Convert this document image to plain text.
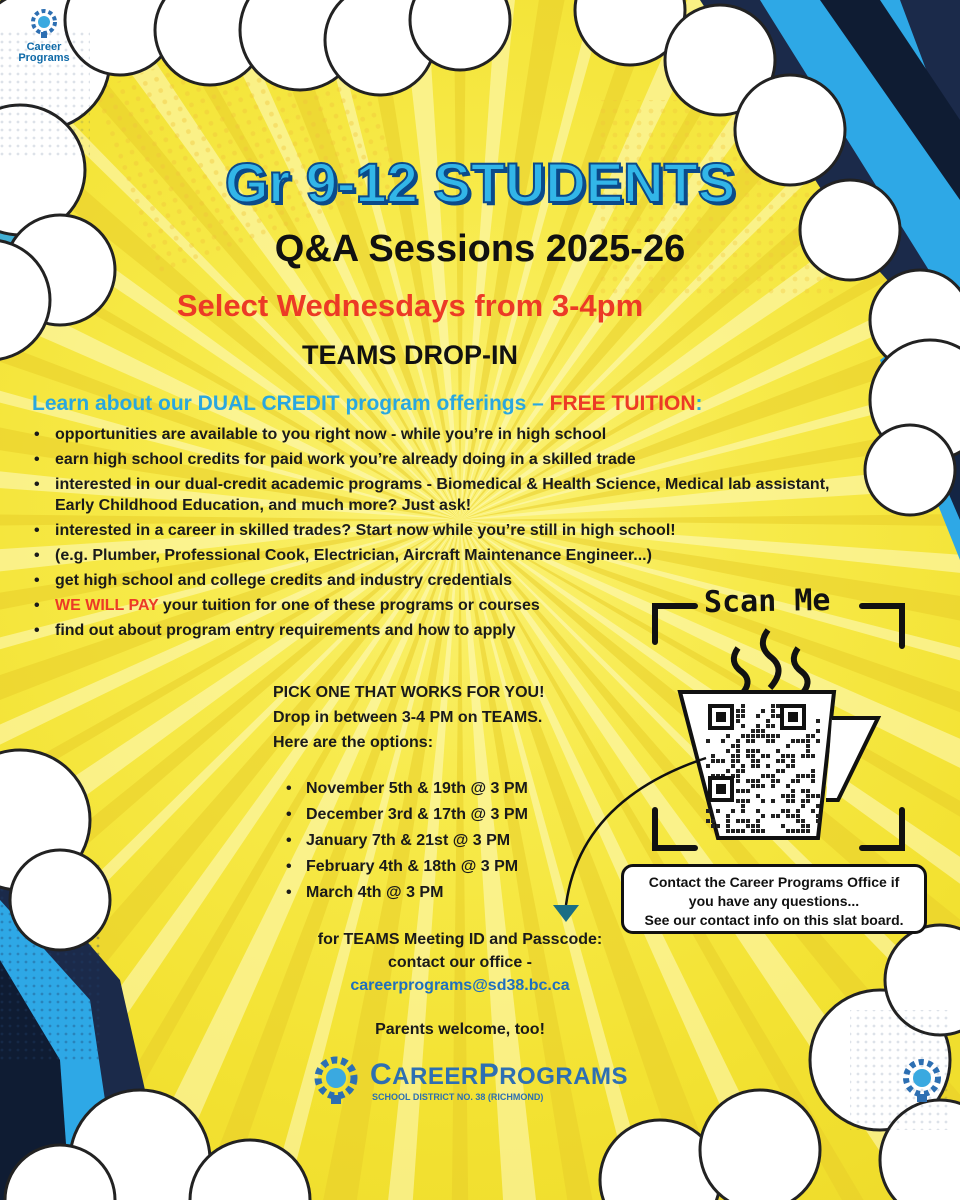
Career
Programs
Gr 9-12 STUDENTS
Q&A Sessions 2025-26
Select Wednesdays from 3-4pm
TEAMS DROP-IN
Learn about our DUAL CREDIT program offerings – FREE TUITION:
• opportunities are available to you right now - while you’re in high school
• earn high school credits for paid work you’re already doing in a skilled trade
• interested in our dual-credit academic programs - Biomedical & Health Science, Medical lab assistant, Early Childhood Education, and much more? Just ask!
• interested in a career in skilled trades? Start now while you’re still in high school!
• (e.g. Plumber, Professional Cook, Electrician, Aircraft Maintenance Engineer...)
• get high school and college credits and industry credentials
• WE WILL PAY your tuition for one of these programs or courses
• find out about program entry requirements and how to apply
PICK ONE THAT WORKS FOR YOU!
Drop in between 3-4 PM on TEAMS.
Here are the options:
• November 5th & 19th @ 3 PM
• December 3rd & 17th @ 3 PM
• January 7th & 21st @ 3 PM
• February 4th & 18th @ 3 PM
• March 4th @ 3 PM
for TEAMS Meeting ID and Passcode:
contact our office -
careerprograms@sd38.bc.ca
Parents welcome, too!
CAREERPROGRAMS
SCHOOL DISTRICT NO. 38 (RICHMOND)
Scan Me
Contact the Career Programs Office if
you have any questions...
See our contact info on this slat board.
